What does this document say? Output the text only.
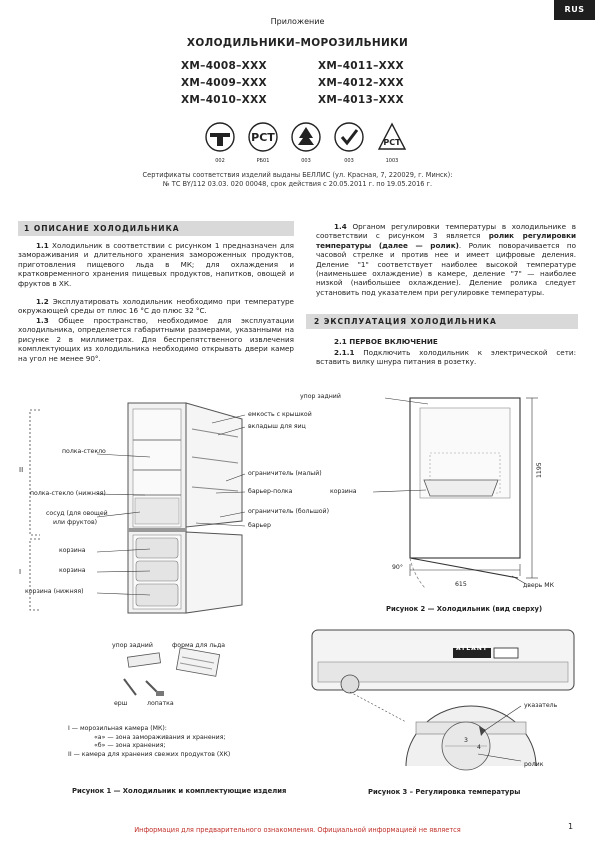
RUS
Приложение
ХОЛОДИЛЬНИКИ–МОРОЗИЛЬНИКИ
ХМ–4008–ХХХ
ХМ–4009–ХХХ
ХМ–4010–ХХХ
ХМ–4011–ХХХ
ХМ–4012–ХХХ
ХМ–4013–ХХХ
PCT	РСТ
002	РБ01	003	003	1003
Сертификаты соответствия изделий выданы БЕЛЛИС (ул. Красная, 7, 220029, г. Минск):
№ ТС BY/112 03.03. 020 00048, срок действия с 20.05.2011 г. по 19.05.2016 г.
1 ОПИСАНИЕ ХОЛОДИЛЬНИКА
1.1 Холодильник в соответствии с рисунком 1 предназначен для замораживания и длительного хранения замороженных продуктов, приготовления пищевого льда в МК; для охлаждения и кратковременного хранения пищевых продуктов, напитков, овощей и фруктов в ХК.
1.2 Эксплуатировать холодильник необходимо при температуре окружающей среды от плюс 16 °С до плюс 32 °С.
1.3 Общее пространство, необходимое для эксплуатации холодильника, определяется габаритными размерами, указанными на рисунке 2 в миллиметрах. Для беспрепятственного извлечения комплектующих из холодильника необходимо открывать двери камер на угол не менее 90°.
1.4 Органом регулировки температуры в холодильнике в соответствии с рисунком 3 является ролик регулировки температуры (далее — ролик). Ролик поворачивается по часовой стрелке и против нее и имеет цифровые деления. Деление "1" соответствует наиболее высокой температуре (наименьшее охлаждение) в камере, деление "7" — наиболее низкой (наибольшее охлаждение). Деление ролика следует установить под указателем при регулировке температуры.
2 ЭКСПЛУАТАЦИЯ ХОЛОДИЛЬНИКА
2.1 ПЕРВОЕ ВКЛЮЧЕНИЕ
2.1.1 Подключить холодильник к электрической сети: вставить вилку шнура питания в розетку.
емкость с крышкой
вкладыш для яиц
ограничитель (малый)
барьер-полка
ограничитель (большой)
барьер
полка-стекло
полка-стекло (нижняя)
сосуд (для овощей
или фруктов)
корзина
корзина
корзина (нижняя)
II
I
упор задний	форма для льда
ерш	лопатка
I — морозильная камера (МК):
«a» — зона замораживания и хранения;
«б» — зона хранения;
II — камера для хранения свежих продуктов (ХК)
Рисунок 1 — Холодильник и комплектующие изделия
упор задний
корзина
дверь МК
615
1195
90°
Рисунок 2 — Холодильник (вид сверху)
ATLANT
3
4
указатель
ролик
Рисунок 3 – Регулировка температуры
Информация для предварительного ознакомления. Официальной информацией не является	1
